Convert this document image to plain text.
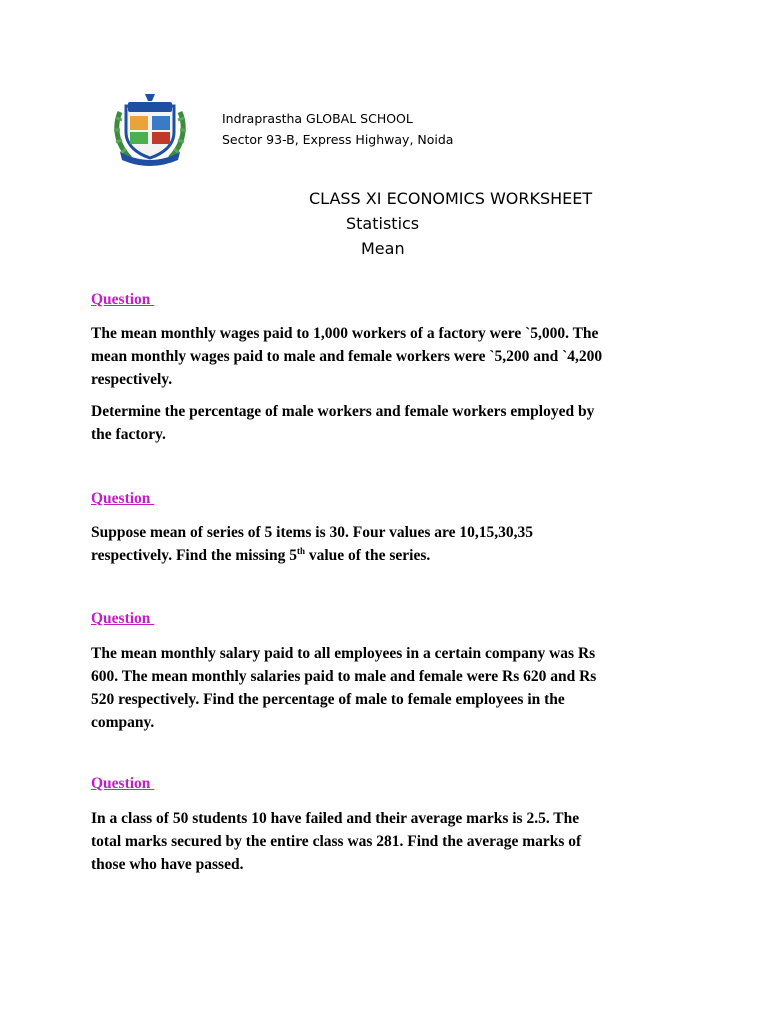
Indraprastha GLOBAL SCHOOL
Sector 93-B, Express Highway, Noida
CLASS XI ECONOMICS WORKSHEET
Statistics
Mean
Question
The mean monthly wages paid to 1,000 workers of a factory were `5,000. The
mean monthly wages paid to male and female workers were `5,200 and `4,200
respectively.
Determine the percentage of male workers and female workers employed by
the factory.
Question
Suppose mean of series of 5 items is 30. Four values are 10,15,30,35
respectively. Find the missing 5th value of the series.
Question
The mean monthly salary paid to all employees in a certain company was Rs
600. The mean monthly salaries paid to male and female were Rs 620 and Rs
520 respectively. Find the percentage of male to female employees in the
company.
Question
In a class of 50 students 10 have failed and their average marks is 2.5. The
total marks secured by the entire class was 281. Find the average marks of
those who have passed.
